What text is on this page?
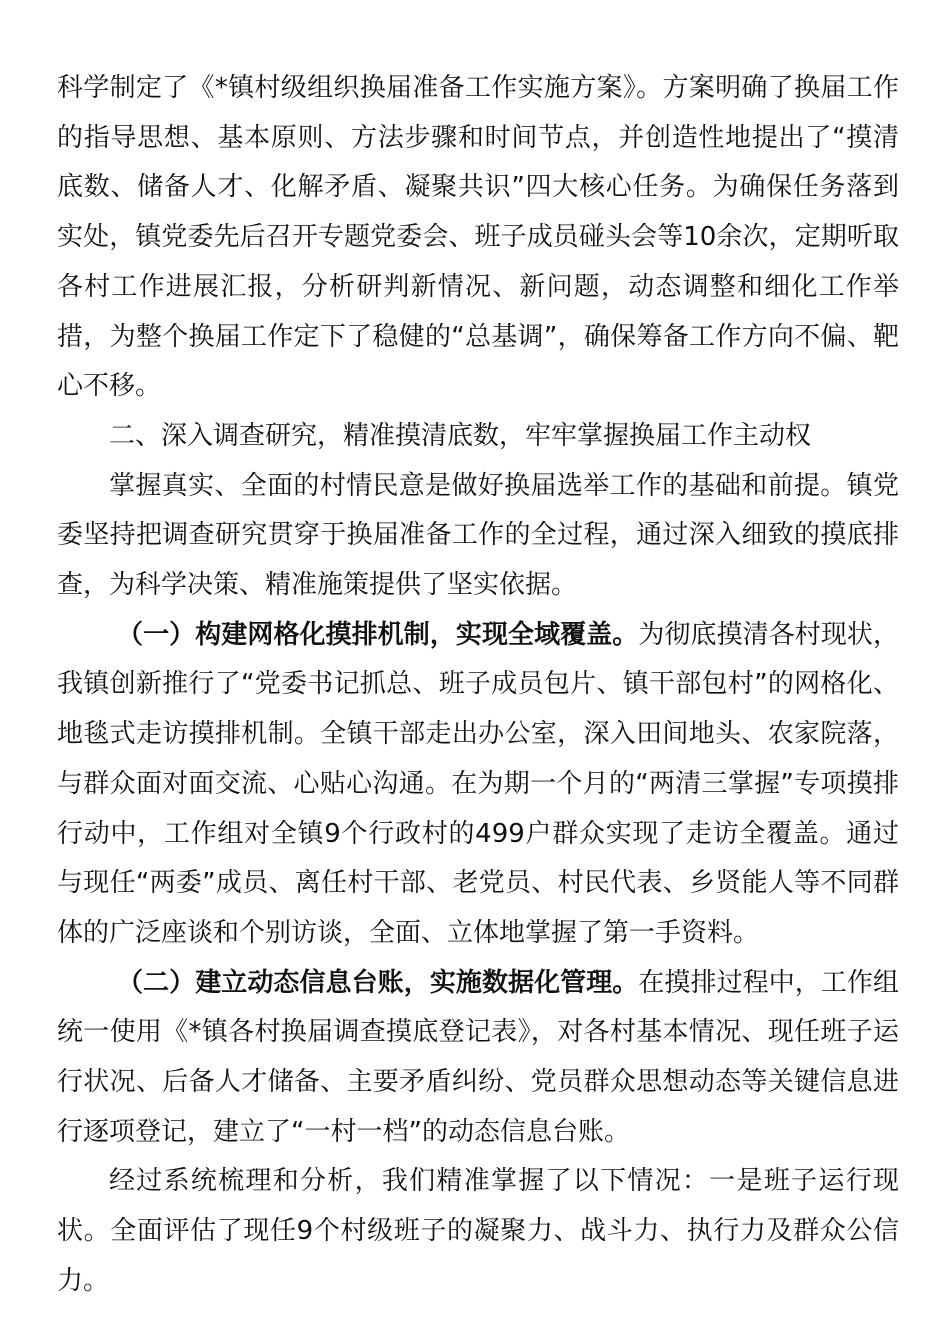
科学制定了《*镇村级组织换届准备工作实施方案》。方案明确了换届工作的指导思想、基本原则、方法步骤和时间节点，并创造性地提出了“摸清底数、储备人才、化解矛盾、凝聚共识”四大核心任务。为确保任务落到实处，镇党委先后召开专题党委会、班子成员碰头会等10余次，定期听取各村工作进展汇报，分析研判新情况、新问题，动态调整和细化工作举措，为整个换届工作定下了稳健的“总基调”，确保筹备工作方向不偏、靶心不移。

二、深入调查研究，精准摸清底数，牢牢掌握换届工作主动权

掌握真实、全面的村情民意是做好换届选举工作的基础和前提。镇党委坚持把调查研究贯穿于换届准备工作的全过程，通过深入细致的摸底排查，为科学决策、精准施策提供了坚实依据。

（一）构建网格化摸排机制，实现全域覆盖。为彻底摸清各村现状，我镇创新推行了“党委书记抓总、班子成员包片、镇干部包村”的网格化、地毯式走访摸排机制。全镇干部走出办公室，深入田间地头、农家院落，与群众面对面交流、心贴心沟通。在为期一个月的“两清三掌握”专项摸排行动中，工作组对全镇9个行政村的499户群众实现了走访全覆盖。通过与现任“两委”成员、离任村干部、老党员、村民代表、乡贤能人等不同群体的广泛座谈和个别访谈，全面、立体地掌握了第一手资料。

（二）建立动态信息台账，实施数据化管理。在摸排过程中，工作组统一使用《*镇各村换届调查摸底登记表》，对各村基本情况、现任班子运行状况、后备人才储备、主要矛盾纠纷、党员群众思想动态等关键信息进行逐项登记，建立了“一村一档”的动态信息台账。

经过系统梳理和分析，我们精准掌握了以下情况：一是班子运行现状。全面评估了现任9个村级班子的凝聚力、战斗力、执行力及群众公信力。
